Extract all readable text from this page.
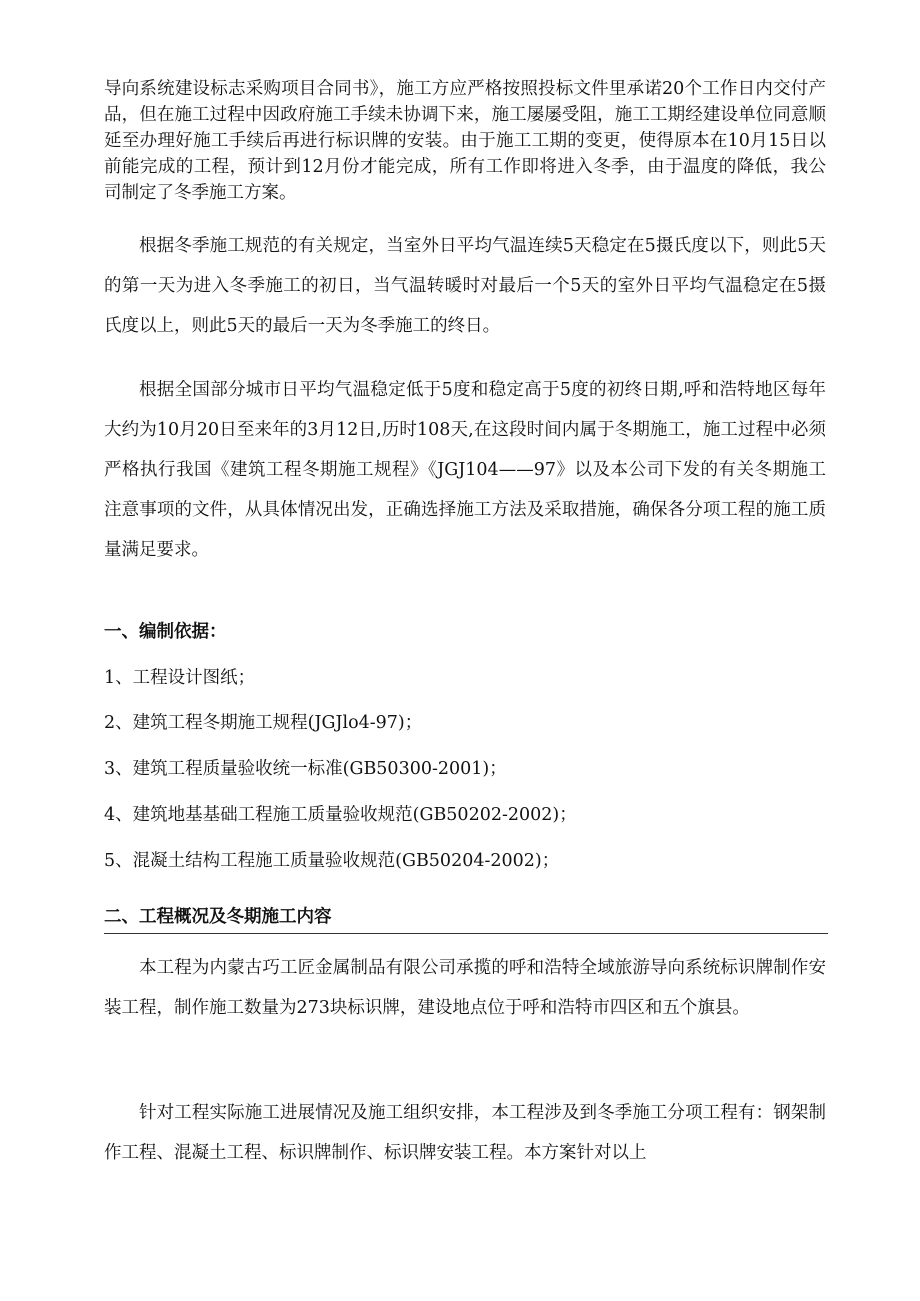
导向系统建设标志采购项目合同书》，施工方应严格按照投标文件里承诺20个工作日内交付产品，但在施工过程中因政府施工手续未协调下来，施工屡屡受阻，施工工期经建设单位同意顺延至办理好施工手续后再进行标识牌的安装。由于施工工期的变更，使得原本在10月15日以前能完成的工程，预计到12月份才能完成，所有工作即将进入冬季，由于温度的降低，我公司制定了冬季施工方案。

根据冬季施工规范的有关规定，当室外日平均气温连续5天稳定在5摄氏度以下，则此5天的第一天为进入冬季施工的初日，当气温转暖时对最后一个5天的室外日平均气温稳定在5摄氏度以上，则此5天的最后一天为冬季施工的终日。

根据全国部分城市日平均气温稳定低于5度和稳定高于5度的初终日期,呼和浩特地区每年大约为10月20日至来年的3月12日,历时108天,在这段时间内属于冬期施工，施工过程中必须严格执行我国《建筑工程冬期施工规程》《JGJ104——97》以及本公司下发的有关冬期施工注意事项的文件，从具体情况出发，正确选择施工方法及采取措施，确保各分项工程的施工质量满足要求。

一、编制依据：

1、工程设计图纸；

2、建筑工程冬期施工规程(JGJlo4-97)；

3、建筑工程质量验收统一标准(GB50300-2001)；

4、建筑地基基础工程施工质量验收规范(GB50202-2002)；

5、混凝土结构工程施工质量验收规范(GB50204-2002)；

二、工程概况及冬期施工内容

本工程为内蒙古巧工匠金属制品有限公司承揽的呼和浩特全域旅游导向系统标识牌制作安装工程，制作施工数量为273块标识牌，建设地点位于呼和浩特市四区和五个旗县。

针对工程实际施工进展情况及施工组织安排，本工程涉及到冬季施工分项工程有：钢架制作工程、混凝土工程、标识牌制作、标识牌安装工程。本方案针对以上
